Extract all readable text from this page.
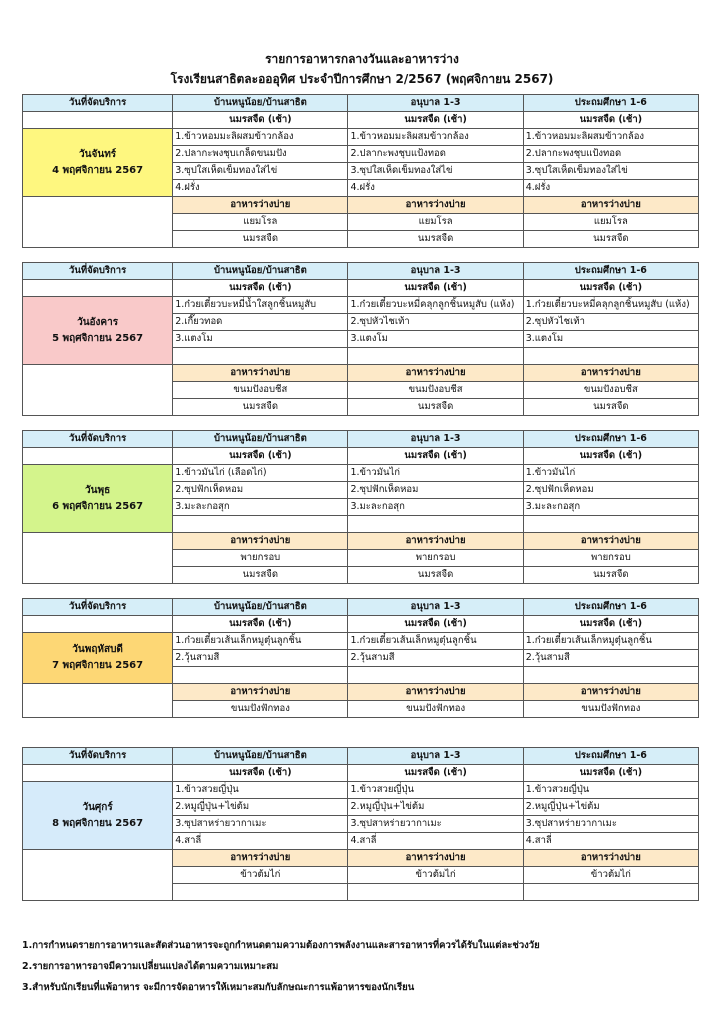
รายการอาหารกลางวันและอาหารว่าง
โรงเรียนสาธิตละอออุทิศ ประจำปีการศึกษา 2/2567 (พฤศจิกายน 2567)
วันที่จัดบริการ	บ้านหนูน้อย/บ้านสาธิต	อนุบาล 1-3	ประถมศึกษา 1-6
	นมรสจืด (เช้า)	นมรสจืด (เช้า)	นมรสจืด (เช้า)

วันจันทร์
4 พฤศจิกายน 2567	1.ข้าวหอมมะลิผสมข้าวกล้อง	1.ข้าวหอมมะลิผสมข้าวกล้อง	1.ข้าวหอมมะลิผสมข้าวกล้อง
	2.ปลากะพงชุบเกล็ดขนมปัง	2.ปลากะพงชุบแป้งทอด	2.ปลากะพงชุบแป้งทอด
	3.ซุปใสเห็ดเข็มทองใส่ไข่	3.ซุปใสเห็ดเข็มทองใส่ไข่	3.ซุปใสเห็ดเข็มทองใส่ไข่
	4.ฝรั่ง	4.ฝรั่ง	4.ฝรั่ง
	อาหารว่างบ่าย	อาหารว่างบ่าย	อาหารว่างบ่าย
	แยมโรล	แยมโรล	แยมโรล
	นมรสจืด	นมรสจืด	นมรสจืด
วันที่จัดบริการ	บ้านหนูน้อย/บ้านสาธิต	อนุบาล 1-3	ประถมศึกษา 1-6
	นมรสจืด (เช้า)	นมรสจืด (เช้า)	นมรสจืด (เช้า)

วันอังคาร
5 พฤศจิกายน 2567	1.ก๋วยเตี๋ยวบะหมี่น้ำใสลูกชิ้นหมูสับ	1.ก๋วยเตี๋ยวบะหมี่คลุกลูกชิ้นหมูสับ (แห้ง)	1.ก๋วยเตี๋ยวบะหมี่คลุกลูกชิ้นหมูสับ (แห้ง)
	2.เกี๊ยวทอด	2.ซุปหัวไชเท้า	2.ซุปหัวไชเท้า
	3.แตงโม	3.แตงโม	3.แตงโม

	อาหารว่างบ่าย	อาหารว่างบ่าย	อาหารว่างบ่าย
	ขนมปังอบชีส	ขนมปังอบชีส	ขนมปังอบชีส
	นมรสจืด	นมรสจืด	นมรสจืด
วันที่จัดบริการ	บ้านหนูน้อย/บ้านสาธิต	อนุบาล 1-3	ประถมศึกษา 1-6
	นมรสจืด (เช้า)	นมรสจืด (เช้า)	นมรสจืด (เช้า)

วันพุธ
6 พฤศจิกายน 2567	1.ข้าวมันไก่ (เลือดไก่)	1.ข้าวมันไก่	1.ข้าวมันไก่
	2.ซุปฟักเห็ดหอม	2.ซุปฟักเห็ดหอม	2.ซุปฟักเห็ดหอม
	3.มะละกอสุก	3.มะละกอสุก	3.มะละกอสุก

	อาหารว่างบ่าย	อาหารว่างบ่าย	อาหารว่างบ่าย
	พายกรอบ	พายกรอบ	พายกรอบ
	นมรสจืด	นมรสจืด	นมรสจืด
วันที่จัดบริการ	บ้านหนูน้อย/บ้านสาธิต	อนุบาล 1-3	ประถมศึกษา 1-6
	นมรสจืด (เช้า)	นมรสจืด (เช้า)	นมรสจืด (เช้า)

วันพฤหัสบดี
7 พฤศจิกายน 2567	1.ก๋วยเตี๋ยวเส้นเล็กหมูตุ๋นลูกชิ้น	1.ก๋วยเตี๋ยวเส้นเล็กหมูตุ๋นลูกชิ้น	1.ก๋วยเตี๋ยวเส้นเล็กหมูตุ๋นลูกชิ้น
	2.วุ้นสามสี	2.วุ้นสามสี	2.วุ้นสามสี

	อาหารว่างบ่าย	อาหารว่างบ่าย	อาหารว่างบ่าย
	ขนมปังฟักทอง	ขนมปังฟักทอง	ขนมปังฟักทอง
วันที่จัดบริการ	บ้านหนูน้อย/บ้านสาธิต	อนุบาล 1-3	ประถมศึกษา 1-6
	นมรสจืด (เช้า)	นมรสจืด (เช้า)	นมรสจืด (เช้า)

วันศุกร์
8 พฤศจิกายน 2567	1.ข้าวสวยญี่ปุ่น	1.ข้าวสวยญี่ปุ่น	1.ข้าวสวยญี่ปุ่น
	2.หมูญี่ปุ่น+ไข่ต้ม	2.หมูญี่ปุ่น+ไข่ต้ม	2.หมูญี่ปุ่น+ไข่ต้ม
	3.ซุปสาหร่ายวากาเมะ	3.ซุปสาหร่ายวากาเมะ	3.ซุปสาหร่ายวากาเมะ
	4.สาลี่	4.สาลี่	4.สาลี่
	อาหารว่างบ่าย	อาหารว่างบ่าย	อาหารว่างบ่าย
	ข้าวต้มไก่	ข้าวต้มไก่	ข้าวต้มไก่

1.การกำหนดรายการอาหารและสัดส่วนอาหารจะถูกกำหนดตามความต้องการพลังงานและสารอาหารที่ควรได้รับในแต่ละช่วงวัย
2.รายการอาหารอาจมีความเปลี่ยนแปลงได้ตามความเหมาะสม
3.สำหรับนักเรียนที่แพ้อาหาร จะมีการจัดอาหารให้เหมาะสมกับลักษณะการแพ้อาหารของนักเรียน
